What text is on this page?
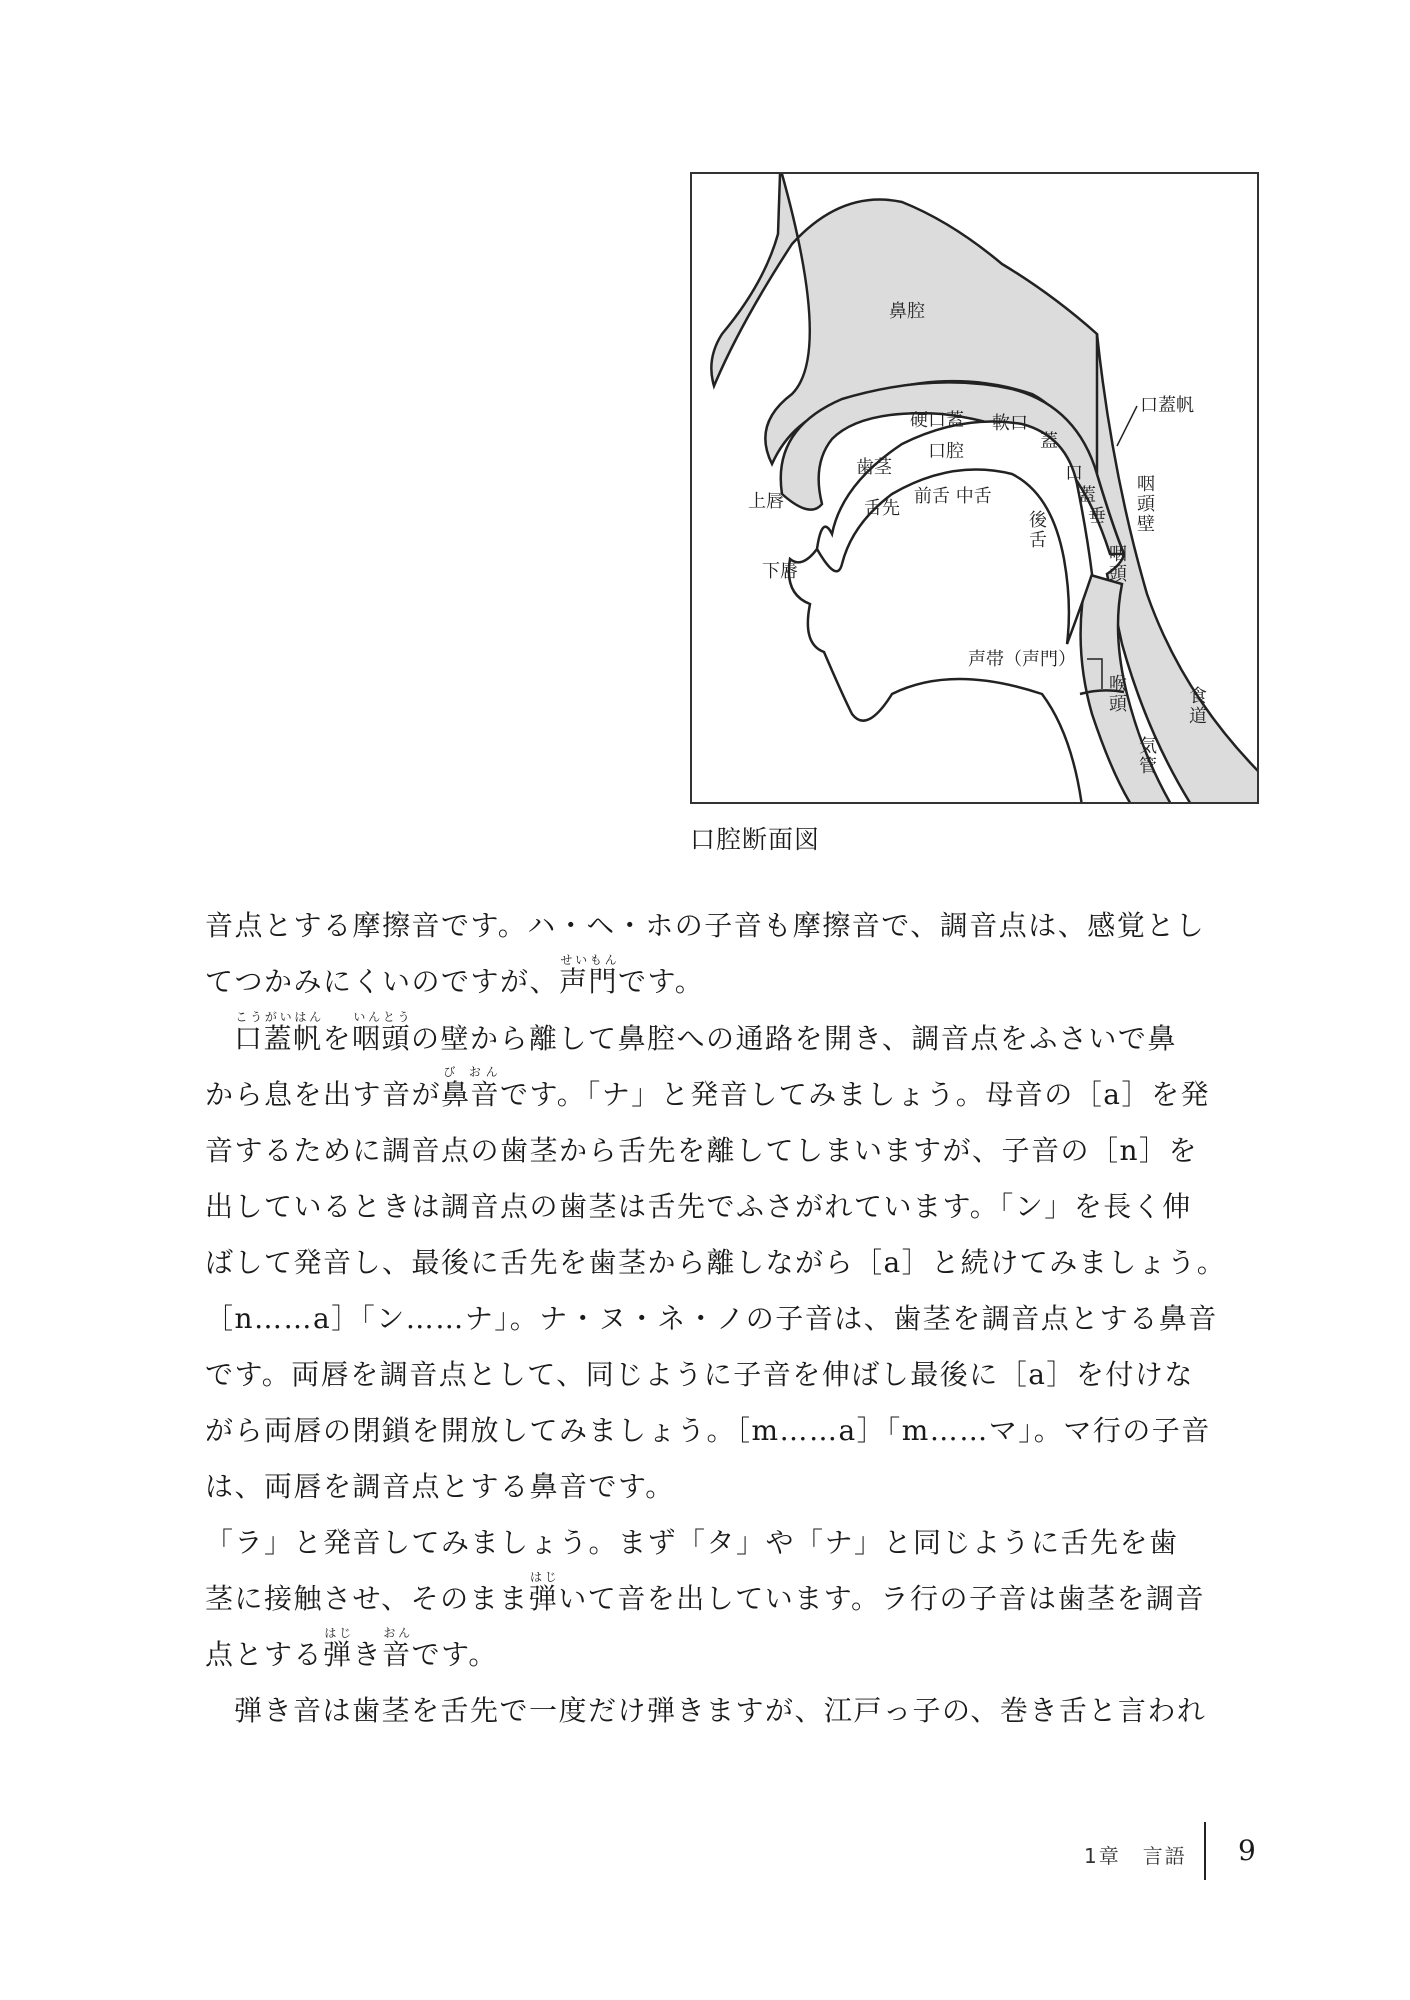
鼻腔
口蓋帆
硬口蓋 軟口
蓋
口腔
歯茎
上唇	舌先
前舌 中舌
口
蓋
垂
後舌	咽頭壁
咽頭
下唇
声帯（声門）
喉頭
気管
食道
口腔断面図

音点とする摩擦音です。ハ・ヘ・ホの子音も摩擦音で、調音点は、感覚とし
てつかみにくいのですが、声門せいもんです。

口蓋帆こうがいはんを咽頭いんとうの壁から離して鼻腔への通路を開き、調音点をふさいで鼻
から息を出す音が鼻音び おんです。「ナ」と発音してみましょう。母音の［a］を発
音するために調音点の歯茎から舌先を離してしまいますが、子音の［n］を
出しているときは調音点の歯茎は舌先でふさがれています。「ン」を長く伸
ばして発音し、最後に舌先を歯茎から離しながら［a］と続けてみましょう。
［n……a］「ン……ナ」。ナ・ヌ・ネ・ノの子音は、歯茎を調音点とする鼻音
です。両唇を調音点として、同じように子音を伸ばし最後に［a］を付けな
がら両唇の閉鎖を開放してみましょう。［m……a］「m……マ」。マ行の子音
は、両唇を調音点とする鼻音です。

「ラ」と発音してみましょう。まず「タ」や「ナ」と同じように舌先を歯
茎に接触させ、そのまま弾はじいて音を出しています。ラ行の子音は歯茎を調音
点とする弾はじき音おんです。

弾き音は歯茎を舌先で一度だけ弾きますが、江戸っ子の、巻き舌と言われ

1章　言語 9
